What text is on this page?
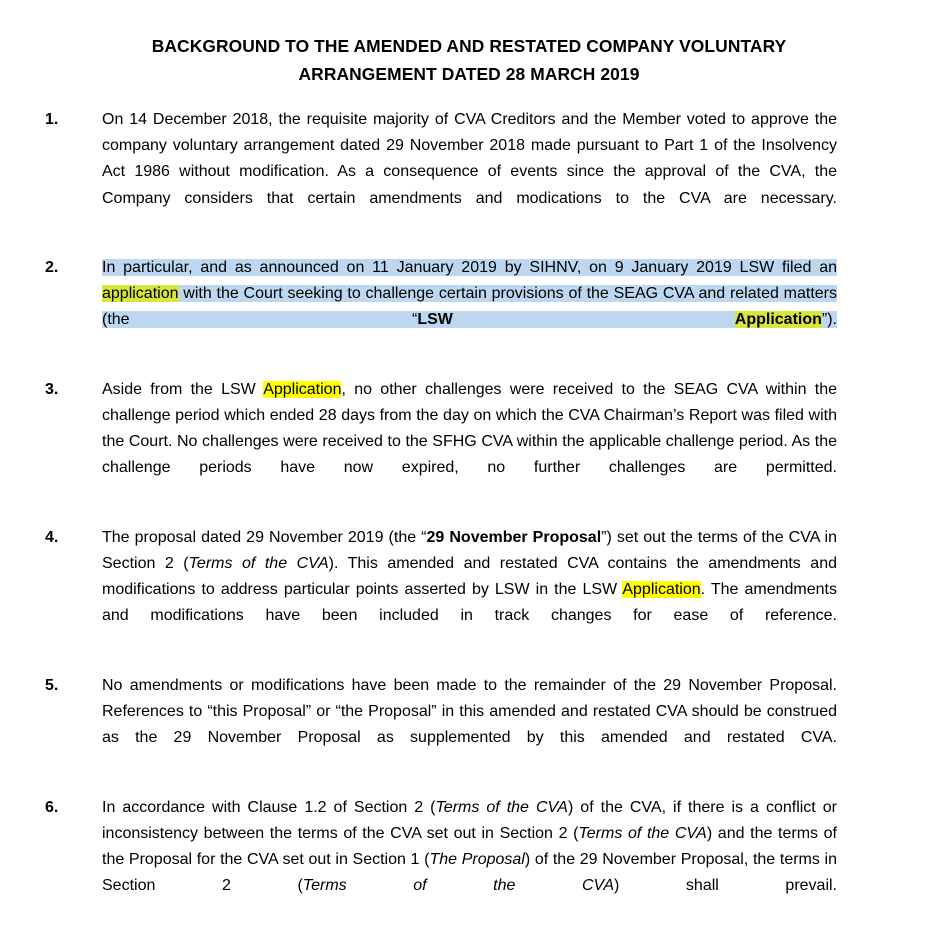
BACKGROUND TO THE AMENDED AND RESTATED COMPANY VOLUNTARY ARRANGEMENT DATED 28 MARCH 2019
1.	On 14 December 2018, the requisite majority of CVA Creditors and the Member voted to approve the company voluntary arrangement dated 29 November 2018 made pursuant to Part 1 of the Insolvency Act 1986 without modification. As a consequence of events since the approval of the CVA, the Company considers that certain amendments and modications to the CVA are necessary.

2.	In particular, and as announced on 11 January 2019 by SIHNV, on 9 January 2019 LSW filed an application with the Court seeking to challenge certain provisions of the SEAG CVA and related matters (the “LSW Application”).

3.	Aside from the LSW Application, no other challenges were received to the SEAG CVA within the challenge period which ended 28 days from the day on which the CVA Chairman’s Report was filed with the Court. No challenges were received to the SFHG CVA within the applicable challenge period. As the challenge periods have now expired, no further challenges are permitted.

4.	The proposal dated 29 November 2019 (the “29 November Proposal”) set out the terms of the CVA in Section 2 (Terms of the CVA). This amended and restated CVA contains the amendments and modifications to address particular points asserted by LSW in the LSW Application. The amendments and modifications have been included in track changes for ease of reference.

5.	No amendments or modifications have been made to the remainder of the 29 November Proposal. References to “this Proposal” or “the Proposal” in this amended and restated CVA should be construed as the 29 November Proposal as supplemented by this amended and restated CVA.

6.	In accordance with Clause 1.2 of Section 2 (Terms of the CVA) of the CVA, if there is a conflict or inconsistency between the terms of the CVA set out in Section 2 (Terms of the CVA) and the terms of the Proposal for the CVA set out in Section 1 (The Proposal) of the 29 November Proposal, the terms in Section 2 (Terms of the CVA) shall prevail.
